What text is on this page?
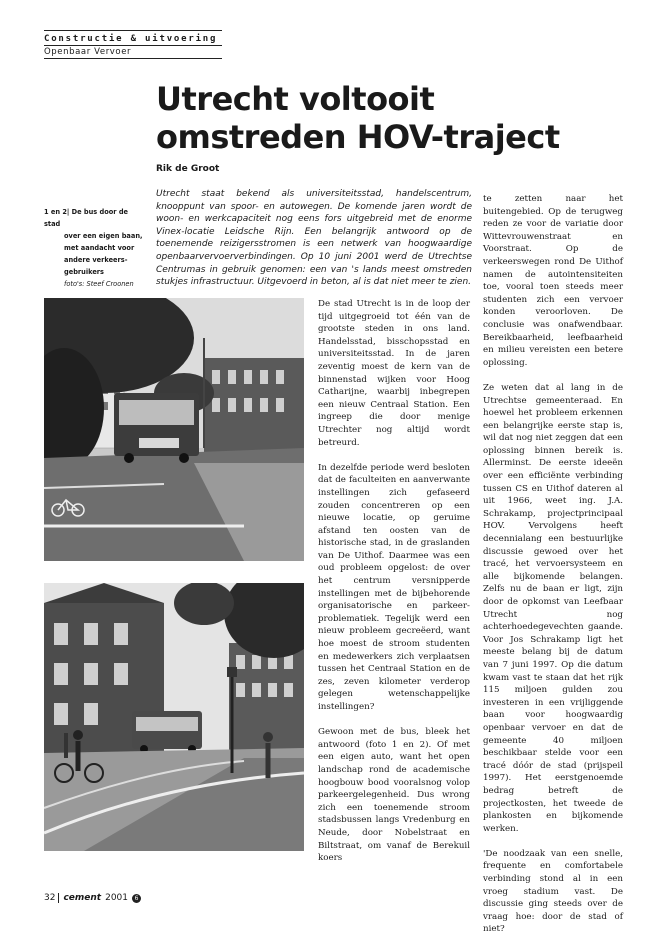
Constructie & uitvoering
Openbaar Vervoer
Utrecht voltooit omstreden HOV-traject
Rik de Groot
1 en 2| De bus door de stad
over een eigen baan,
met aandacht voor
andere verkeers-
gebruikers
foto's: Steef Croonen

Utrecht staat bekend als universiteitsstad, handelscentrum, knooppunt van spoor- en autowegen. De komende jaren wordt de woon- en werkcapaciteit nog eens fors uitgebreid met de enorme Vinex-locatie Leidsche Rijn. Een belangrijk antwoord op de toenemende reizigersstromen is een netwerk van hoogwaardige openbaarvervoerverbindingen. Op 10 juni 2001 werd de Utrechtse Centrumas in gebruik genomen: een van 's lands meest omstreden stukjes infrastructuur. Uitgevoerd in beton, al is dat niet meer te zien.

De stad Utrecht is in de loop der tijd uitgegroeid tot één van de grootste steden in ons land. Handelsstad, bisschopsstad en universiteitsstad. In de jaren zeventig moest de kern van de binnenstad wijken voor Hoog Catharijne, waarbij inbegrepen een nieuw Centraal Station. Een ingreep die door menige Utrechter nog altijd wordt betreurd.

In dezelfde periode werd besloten dat de faculteiten en aanverwante instellingen zich gefaseerd zouden concentreren op een nieuwe locatie, op geruime afstand ten oosten van de historische stad, in de graslanden van De Uithof. Daarmee was een oud probleem opgelost: de over het centrum versnipperde instellingen met de bijbehorende organisatorische en parkeer-problematiek. Tegelijk werd een nieuw probleem gecreëerd, want hoe moest de stroom studenten en medewerkers zich verplaatsen tussen het Centraal Station en de zes, zeven kilometer verderop gelegen wetenschappelijke instellingen?

Gewoon met de bus, bleek het antwoord (foto 1 en 2). Of met een eigen auto, want het open landschap rond de academische hoogbouw bood vooralsnog volop parkeergelegenheid. Dus wrong zich een toenemende stroom stadsbussen langs Vredenburg en Neude, door Nobelstraat en Biltstraat, om vanaf de Berekuil koers

te zetten naar het buitengebied. Op de terugweg reden ze voor de variatie door Wittevrouwenstraat en Voorstraat. Op de verkeerswegen rond De Uithof namen de autointensiteiten toe, vooral toen steeds meer studenten zich een vervoer konden veroorloven. De conclusie was onafwendbaar. Bereikbaarheid, leefbaarheid en milieu vereisten een betere oplossing.

Ze weten dat al lang in de Utrechtse gemeenteraad. En hoewel het probleem erkennen een belangrijke eerste stap is, wil dat nog niet zeggen dat een oplossing binnen bereik is. Allerminst. De eerste ideeën over een efficiënte verbinding tussen CS en Uithof dateren al uit 1966, weet ing. J.A. Schrakamp, projectprincipaal HOV. Vervolgens heeft decennialang een bestuurlijke discussie gewoed over het tracé, het vervoersysteem en alle bijkomende belangen. Zelfs nu de baan er ligt, zijn door de opkomst van Leefbaar Utrecht nog achterhoedegevechten gaande. Voor Jos Schrakamp ligt het meeste belang bij de datum van 7 juni 1997. Op die datum kwam vast te staan dat het rijk 115 miljoen gulden zou investeren in een vrijliggende baan voor hoogwaardig openbaar vervoer en dat de gemeente 40 miljoen beschikbaar stelde voor een tracé dóór de stad (prijspeil 1997). Het eerstgenoemde bedrag betreft de projectkosten, het tweede de plankosten en bijkomende werken.

'De noodzaak van een snelle, frequente en comfortabele verbinding stond al in een vroeg stadium vast. De discussie ging steeds over de vraag hoe: door de stad of niet?

32 cement 2001	6
